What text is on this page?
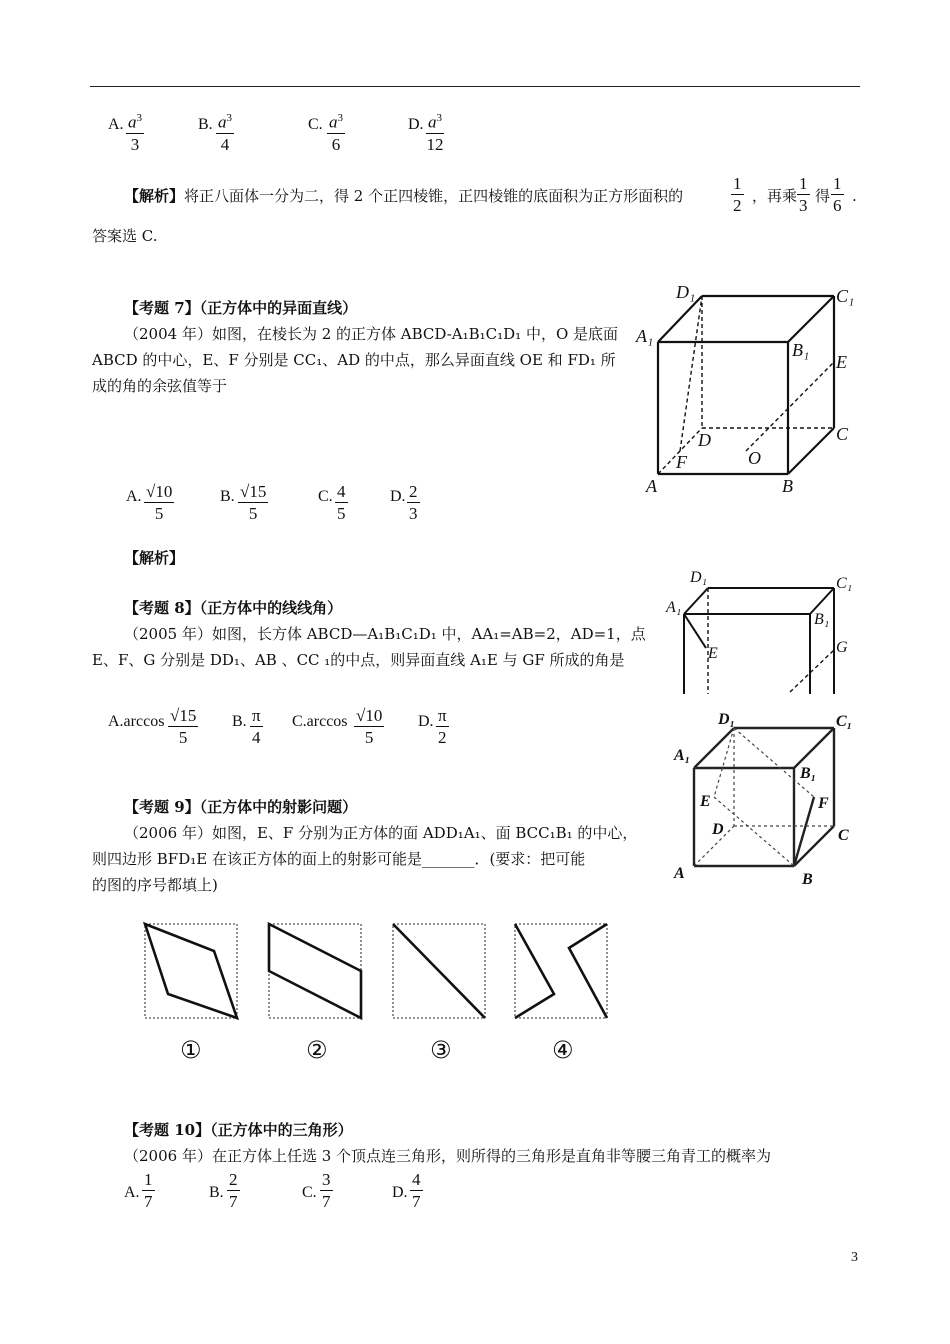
A. $\frac{a^3}{3}$	B. $\frac{a^3}{4}$	C. $\frac{a^3}{6}$	D. $\frac{a^3}{12}$
【解析】将正八面体一分为二，得 2 个正四棱锥，正四棱锥的底面积为正方形面积的	$\frac{1}{2}$ ，再乘 $\frac{1}{3}$ 得 $\frac{1}{6}$ .
答案选 C.
【考题 7】（正方体中的异面直线）
（2004 年）如图，在棱长为 2 的正方体 ABCD-A₁B₁C₁D₁ 中，O 是底面
ABCD 的中心，E、F 分别是 CC₁、AD 的中点，那么异面直线 OE 和 FD₁ 所
成的角的余弦值等于
D₁	C₁
A₁
B₁
E
D	C
F	O
A	B
A. $\frac{√10}{5}$	B. $\frac{√15}{5}$	C. $\frac{4}{5}$	D. $\frac{2}{3}$
【解析】
【考题 8】（正方体中的线线角）
（2005 年）如图，长方体 ABCD—A₁B₁C₁D₁ 中，AA₁=AB=2，AD=1，点
E、F、G 分别是 DD₁、AB 、CC ₁的中点，则异面直线 A₁E 与 GF 所成的角是
D₁	C₁
A₁
B₁
E	G
$A.\arccos \frac{√15}{5} B$. $\frac{\pi}{4} C.\arccos \frac{√10}{5} D$. $\frac{\pi}{2}$
【考题 9】（正方体中的射影问题）
（2006 年）如图，E、F 分别为正方体的面 ADD₁A₁、面 BCC₁B₁ 的中心，
则四边形 BFD₁E 在该正方体的面上的射影可能是_______．(要求：把可能
的图的序号都填上)
D₁	C₁
A₁
B₁
E	F
D	C
A	B
①	②	③	④
【考题 10】（正方体中的三角形）
（2006 年）在正方体上任选 3 个顶点连三角形，则所得的三角形是直角非等腰三角青工的概率为
A. $\frac{1}{7}$	B. $\frac{2}{7}$	C. $\frac{3}{7}$	D. $\frac{4}{7}$
3
